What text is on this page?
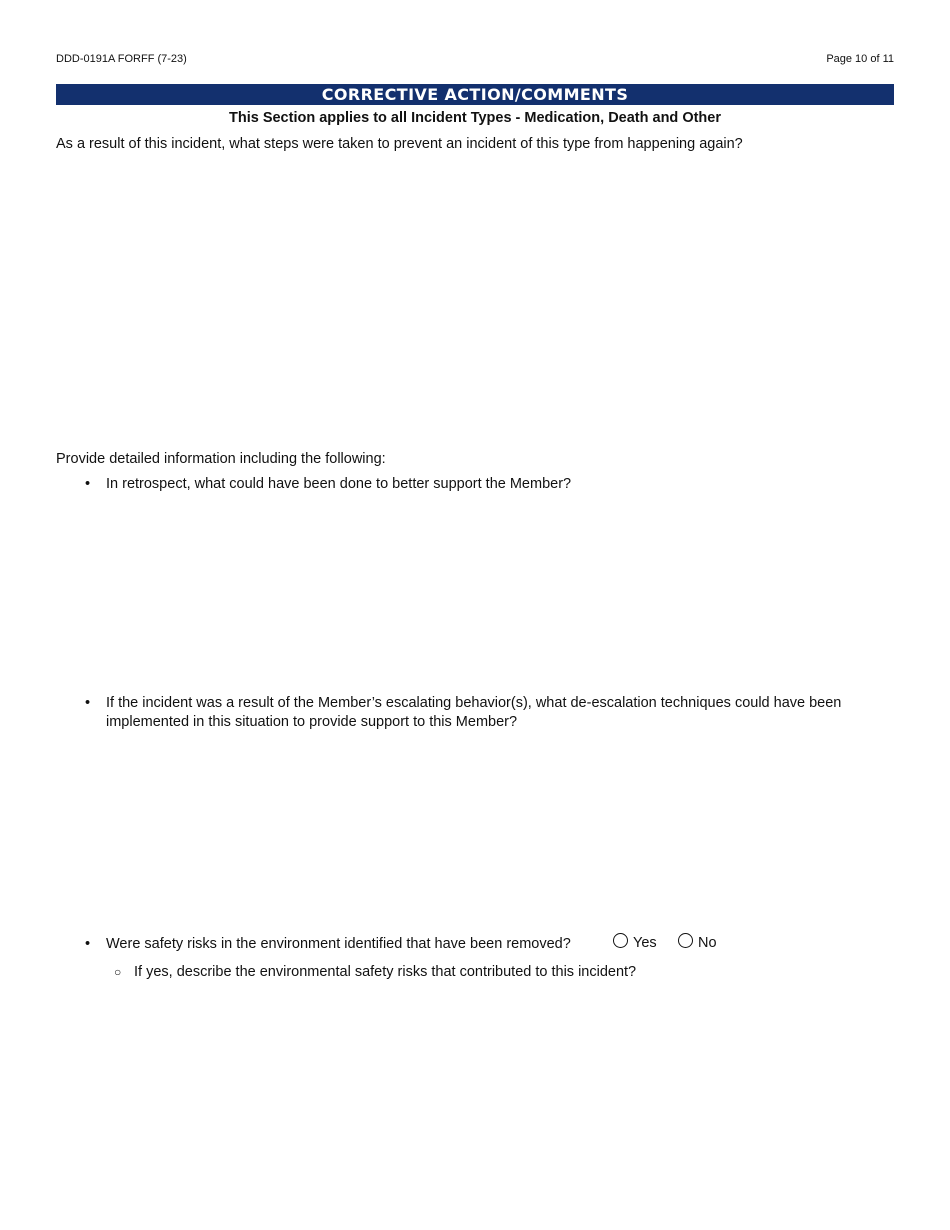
DDD-0191A FORFF (7-23)	Page 10 of 11
CORRECTIVE ACTION/COMMENTS
This Section applies to all Incident Types - Medication, Death and Other
As a result of this incident, what steps were taken to prevent an incident of this type from happening again?
Provide detailed information including the following:
• In retrospect, what could have been done to better support the Member?
• If the incident was a result of the Member’s escalating behavior(s), what de-escalation techniques could have been implemented in this situation to provide support to this Member?
• Were safety risks in the environment identified that have been removed?	Yes	No
○ If yes, describe the environmental safety risks that contributed to this incident?
